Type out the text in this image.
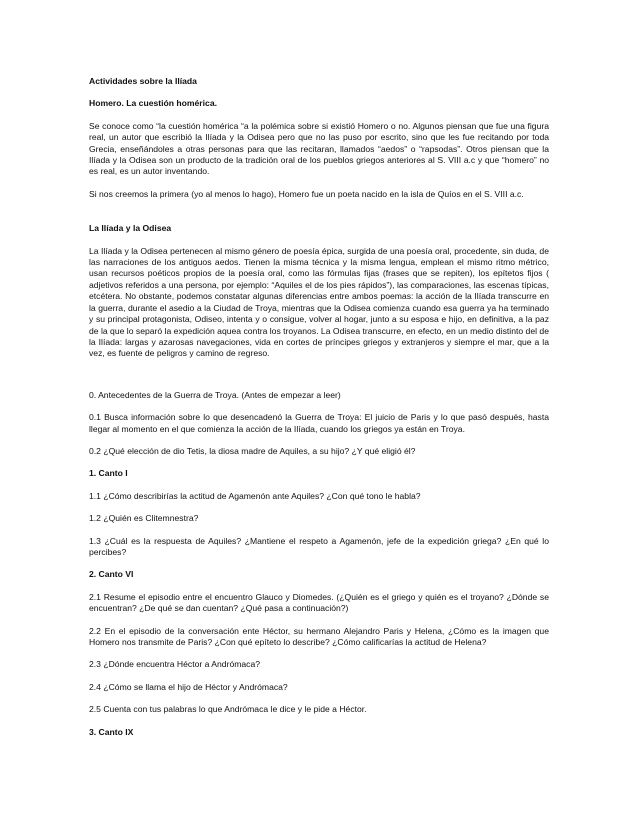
Actividades sobre la Ilíada

Homero. La cuestión homérica.

Se conoce como “la cuestión homérica “a la polémica sobre si existió Homero o no. Algunos piensan que fue una figura real, un autor que escribió la Ilíada y la Odisea pero que no las puso por escrito, sino que les fue recitando por toda Grecia, enseñándoles a otras personas para que las recitaran, llamados “aedos” o “rapsodas”. Otros piensan que la Ilíada y la Odisea son un producto de la tradición oral de los pueblos griegos anteriores al S. VIII a.c y que “homero” no es real, es un autor inventando.

Si nos creemos la primera (yo al menos lo hago), Homero fue un poeta nacido en la isla de Quíos en el S. VIII a.c.

La Ilíada y la Odisea

La Ilíada y la Odisea pertenecen al mismo género de poesía épica, surgida de una poesía oral, procedente, sin duda, de las narraciones de los antiguos aedos. Tienen la misma técnica y la misma lengua, emplean el mismo ritmo métrico, usan recursos poéticos propios de la poesía oral, como las fórmulas fijas (frases que se repiten), los epítetos fijos ( adjetivos referidos a una persona, por ejemplo: “Aquiles el de los pies rápidos”), las comparaciones, las escenas típicas, etcétera. No obstante, podemos constatar algunas diferencias entre ambos poemas: la acción de la Ilíada transcurre en la guerra, durante el asedio a la Ciudad de Troya, mientras que la Odisea comienza cuando esa guerra ya ha terminado y su principal protagonista, Odiseo, intenta y o consigue, volver al hogar, junto a su esposa e hijo, en definitiva, a la paz de la que lo separó la expedición aquea contra los troyanos. La Odisea transcurre, en efecto, en un medio distinto del de la Ilíada: largas y azarosas navegaciones, vida en cortes de príncipes griegos y extranjeros y siempre el mar, que a la vez, es fuente de peligros y camino de regreso.

0. Antecedentes de la Guerra de Troya. (Antes de empezar a leer)

0.1 Busca información sobre lo que desencadenó la Guerra de Troya: El juicio de Paris y lo que pasó después, hasta llegar al momento en el que comienza la acción de la Ilíada, cuando los griegos ya están en Troya.

0.2 ¿Qué elección de dio Tetis, la diosa madre de Aquiles, a su hijo? ¿Y qué eligió él?

1. Canto I

1.1 ¿Cómo describirías la actitud de Agamenón ante Aquiles? ¿Con qué tono le habla?

1.2 ¿Quién es Clitemnestra?

1.3 ¿Cuál es la respuesta de Aquiles? ¿Mantiene el respeto a Agamenón, jefe de la expedición griega? ¿En qué lo percibes?

2. Canto VI

2.1 Resume el episodio entre el encuentro Glauco y Diomedes. (¿Quién es el griego y quién es el troyano? ¿Dónde se encuentran? ¿De qué se dan cuentan? ¿Qué pasa a continuación?)

2.2 En el episodio de la conversación ente Héctor, su hermano Alejandro Paris y Helena, ¿Cómo es la imagen que Homero nos transmite de Paris? ¿Con qué epíteto lo describe? ¿Cómo calificarías la actitud de Helena?

2.3 ¿Dónde encuentra Héctor a Andrómaca?

2.4 ¿Cómo se llama el hijo de Héctor y Andrómaca?

2.5 Cuenta con tus palabras lo que Andrómaca le dice y le pide a Héctor.

3. Canto IX
